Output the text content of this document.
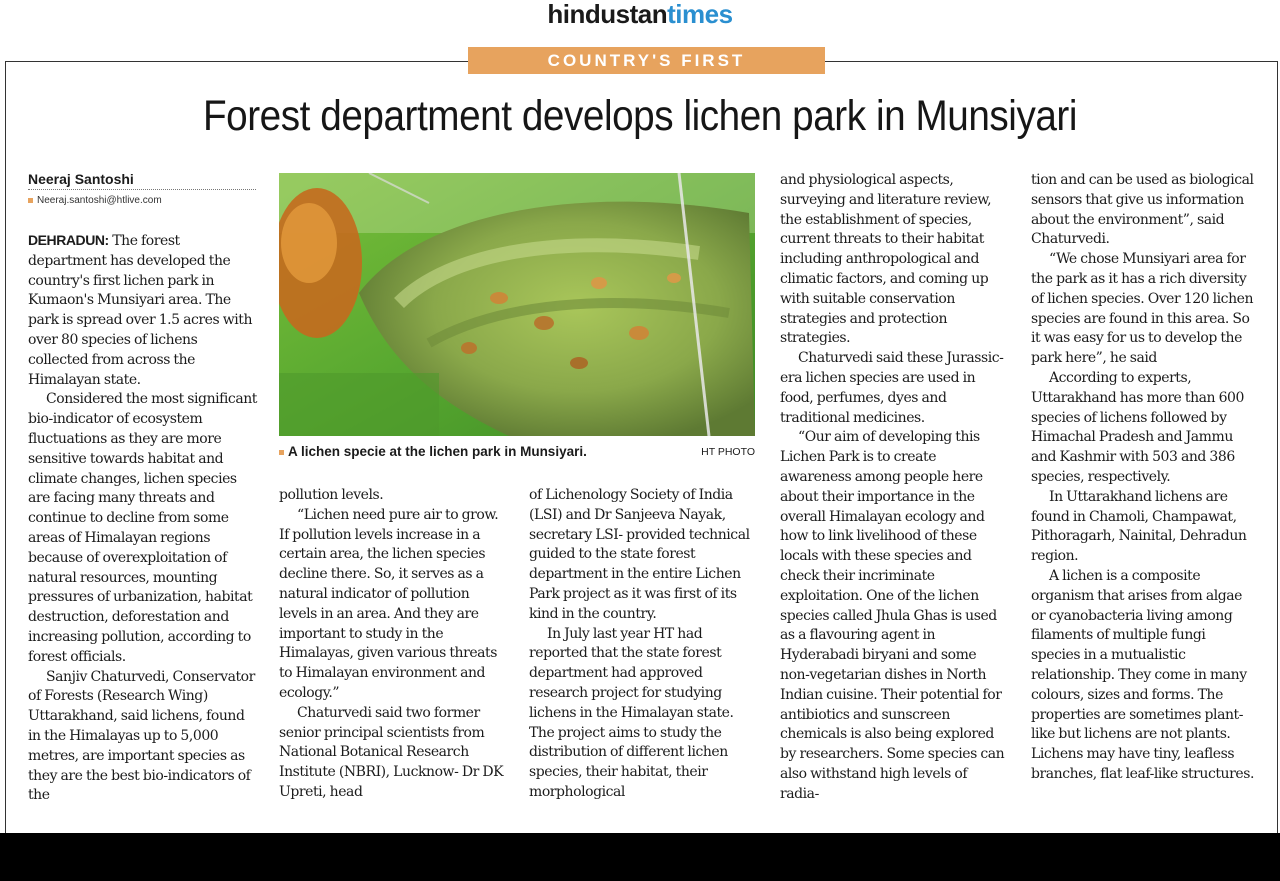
hindustantimes
COUNTRY'S FIRST
Forest department develops lichen park in Munsiyari
Neeraj Santoshi
Neeraj.santoshi@htlive.com

DEHRADUN: The forest department has developed the country's first lichen park in Kumaon's Munsiyari area. The park is spread over 1.5 acres with over 80 species of lichens collected from across the Himalayan state.

Considered the most significant bio-indicator of ecosystem fluctuations as they are more sensitive towards habitat and climate changes, lichen species are facing many threats and continue to decline from some areas of Himalayan regions because of overexploitation of natural resources, mounting pressures of urbanization, habitat destruction, deforestation and increasing pollution, according to forest officials.

Sanjiv Chaturvedi, Conservator of Forests (Research Wing) Uttarakhand, said lichens, found in the Himalayas up to 5,000 metres, are important species as they are the best bio-indicators of the

A lichen specie at the lichen park in Munsiyari.	HT PHOTO

pollution levels.

“Lichen need pure air to grow. If pollution levels increase in a certain area, the lichen species decline there. So, it serves as a natural indicator of pollution levels in an area. And they are important to study in the Himalayas, given various threats to Himalayan environment and ecology.”

Chaturvedi said two former senior principal scientists from National Botanical Research Institute (NBRI), Lucknow- Dr DK Upreti, head

of Lichenology Society of India (LSI) and Dr Sanjeeva Nayak, secretary LSI- provided technical guided to the state forest department in the entire Lichen Park project as it was first of its kind in the country.

In July last year HT had reported that the state forest department had approved research project for studying lichens in the Himalayan state. The project aims to study the distribution of different lichen species, their habitat, their morphological

and physiological aspects, surveying and literature review, the establishment of species, current threats to their habitat including anthropological and climatic factors, and coming up with suitable conservation strategies and protection strategies.

Chaturvedi said these Jurassic-era lichen species are used in food, perfumes, dyes and traditional medicines.

“Our aim of developing this Lichen Park is to create awareness among people here about their importance in the overall Himalayan ecology and how to link livelihood of these locals with these species and check their incriminate exploitation. One of the lichen species called Jhula Ghas is used as a flavouring agent in Hyderabadi biryani and some non-vegetarian dishes in North Indian cuisine. Their potential for antibiotics and sunscreen chemicals is also being explored by researchers. Some species can also withstand high levels of radia-

tion and can be used as biological sensors that give us information about the environment”, said Chaturvedi.

“We chose Munsiyari area for the park as it has a rich diversity of lichen species. Over 120 lichen species are found in this area. So it was easy for us to develop the park here”, he said

According to experts, Uttarakhand has more than 600 species of lichens followed by Himachal Pradesh and Jammu and Kashmir with 503 and 386 species, respectively.

In Uttarakhand lichens are found in Chamoli, Champawat, Pithoragarh, Nainital, Dehradun region.

A lichen is a composite organism that arises from algae or cyanobacteria living among filaments of multiple fungi species in a mutualistic relationship. They come in many colours, sizes and forms. The properties are sometimes plant-like but lichens are not plants. Lichens may have tiny, leafless branches, flat leaf-like structures.
